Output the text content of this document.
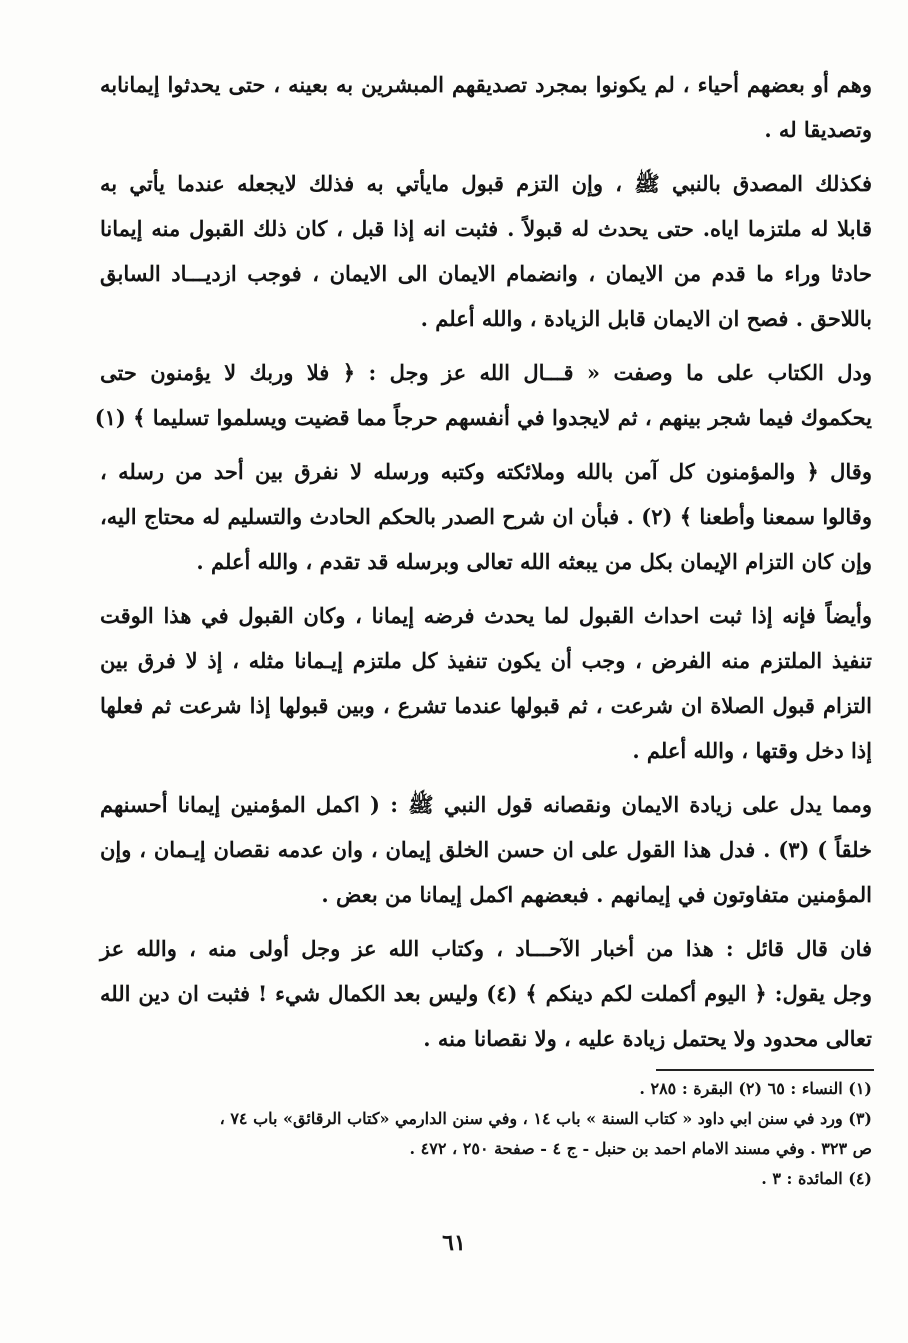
وهم أو بعضهم أحياء ، لم يكونوا بمجرد تصديقهم المبشرين به بعينه ، حتى يحدثوا إيمانابه
وتصديقا له .
فكذلك المصدق بالنبي ﷺ ، وإن التزم قبول مايأتي به فذلك لايجعله عندما يأتي به
قابلا له ملتزما اياه. حتى يحدث له قبولاً . فثبت انه إذا قبل ، كان ذلك القبول منه إيمانا
حادثا وراء ما قدم من الايمان ، وانضمام الايمان الى الايمان ، فوجب ازديـــاد السابق
باللاحق . فصح ان الايمان قابل الزيادة ، والله أعلم .
ودل الكتاب على ما وصفت « قـــال الله عز وجل : ﴿ فلا وربك لا يؤمنون حتى
يحكموك فيما شجر بينهم ، ثم لايجدوا في أنفسهم حرجاً مما قضيت ويسلموا تسليما ﴾ (١)
وقال ﴿ والمؤمنون كل آمن بالله وملائكته وكتبه ورسله لا نفرق بين أحد من رسله ،
وقالوا سمعنا وأطعنا ﴾ (٢) . فبأن ان شرح الصدر بالحكم الحادث والتسليم له محتاج اليه،
وإن كان التزام الإيمان بكل من يبعثه الله تعالى وبرسله قد تقدم ، والله أعلم .
وأيضاً فإنه إذا ثبت احداث القبول لما يحدث فرضه إيمانا ، وكان القبول في هذا الوقت
تنفيذ الملتزم منه الفرض ، وجب أن يكون تنفيذ كل ملتزم إيـمانا مثله ، إذ لا فرق بين
التزام قبول الصلاة ان شرعت ، ثم قبولها عندما تشرع ، وبين قبولها إذا شرعت ثم فعلها
إذا دخل وقتها ، والله أعلم .
ومما يدل على زيادة الايمان ونقصانه قول النبي ﷺ : ( اكمل المؤمنين إيمانا أحسنهم
خلقاً ) (٣) . فدل هذا القول على ان حسن الخلق إيمان ، وان عدمه نقصان إيـمان ، وإن
المؤمنين متفاوتون في إيمانهم . فبعضهم اكمل إيمانا من بعض .
فان قال قائل : هذا من أخبار الآحـــاد ، وكتاب الله عز وجل أولى منه ، والله عز
وجل يقول: ﴿ اليوم أكملت لكم دينكم ﴾ (٤) وليس بعد الكمال شيء ! فثبت ان دين الله
تعالى محدود ولا يحتمل زيادة عليه ، ولا نقصانا منه .
(١) النساء : ٦٥ (٢) البقرة : ٢٨٥ .
(٣) ورد في سنن ابي داود « كتاب السنة » باب ١٤ ، وفي سنن الدارمي «كتاب الرقائق» باب ٧٤ ،
ص ٣٢٣ . وفي مسند الامام احمد بن حنبل - ج ٤ - صفحة ٢٥٠ ، ٤٧٢ .
(٤) المائدة : ٣ .
٦١
